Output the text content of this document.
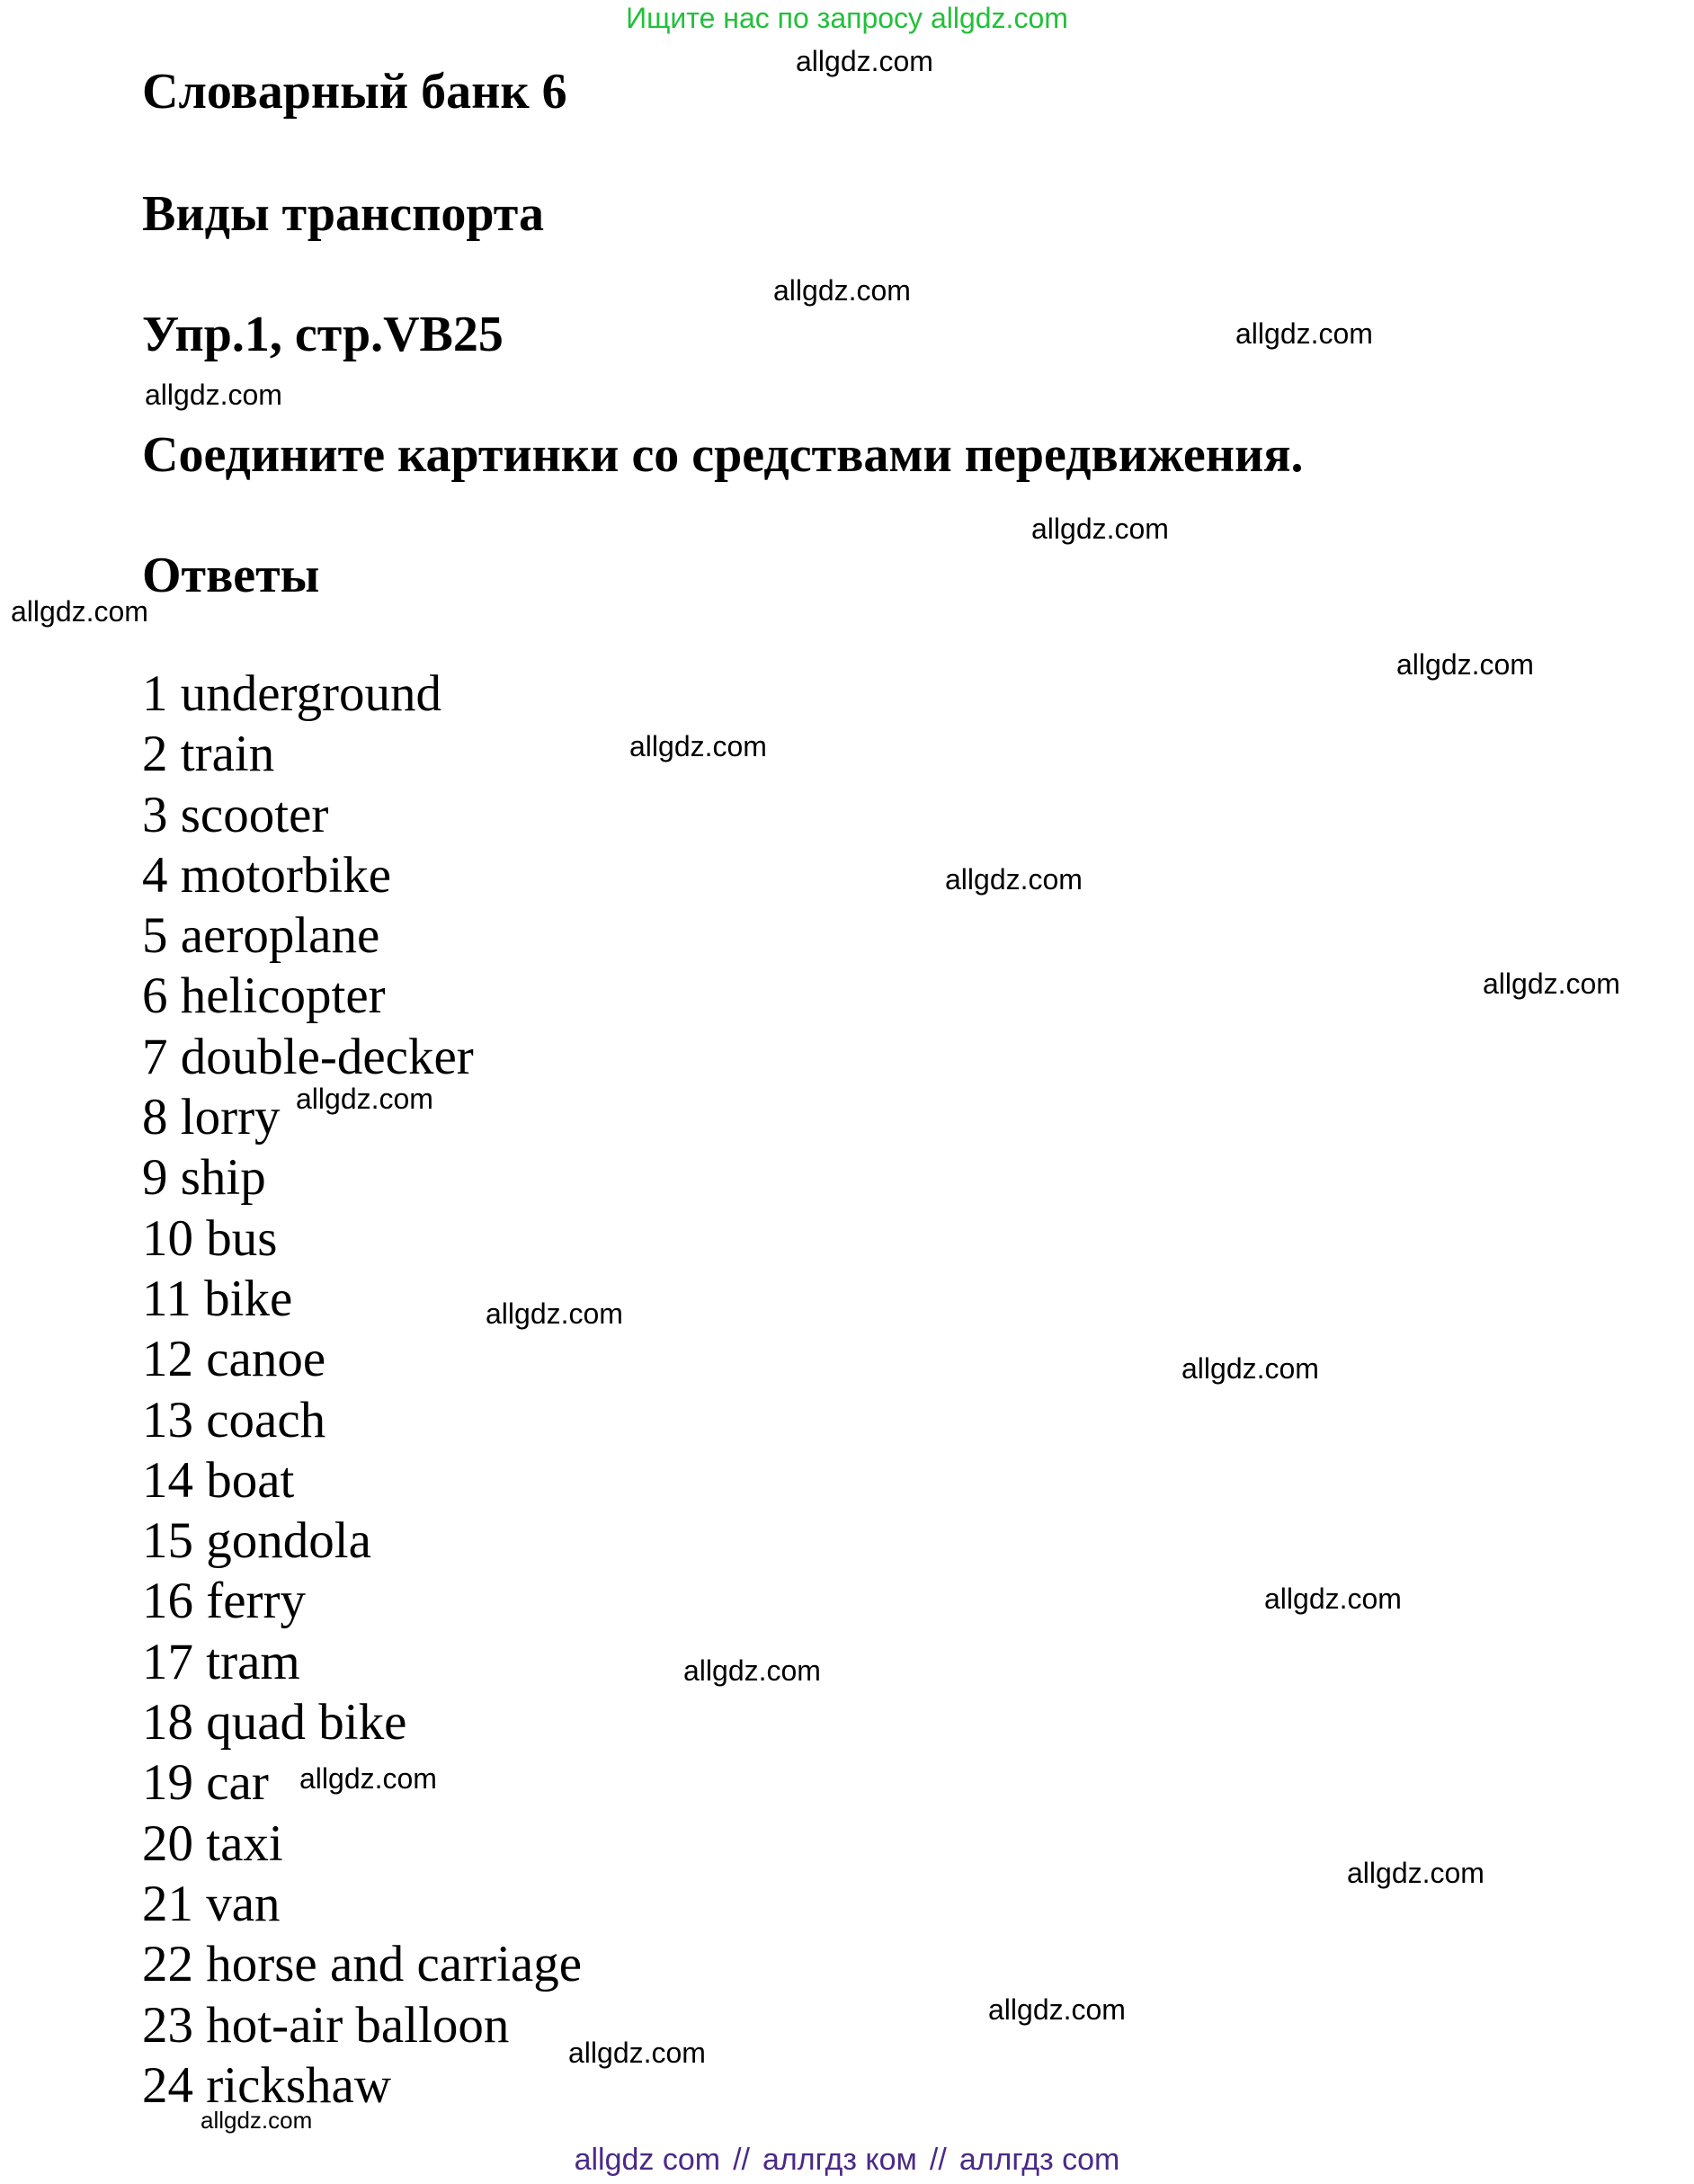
Ищите нас по запросу allgdz.com
Словарный банк 6
Виды транспорта
Упр.1, стр.VB25
Соедините картинки со средствами передвижения.
Ответы
1 underground
2 train
3 scooter
4 motorbike
5 aeroplane
6 helicopter
7 double-decker
8 lorry
9 ship
10 bus
11 bike
12 canoe
13 coach
14 boat
15 gondola
16 ferry
17 tram
18 quad bike
19 car
20 taxi
21 van
22 horse and carriage
23 hot-air balloon
24 rickshaw
allgdz.com
allgdz.com
allgdz.com
allgdz.com
allgdz.com
allgdz.com
allgdz.com
allgdz.com
allgdz.com
allgdz.com
allgdz.com
allgdz.com
allgdz.com
allgdz.com
allgdz.com
allgdz.com
allgdz.com
allgdz.com
allgdz.com
allgdz.com
allgdz com // аллгдз ком // аллгдз com
